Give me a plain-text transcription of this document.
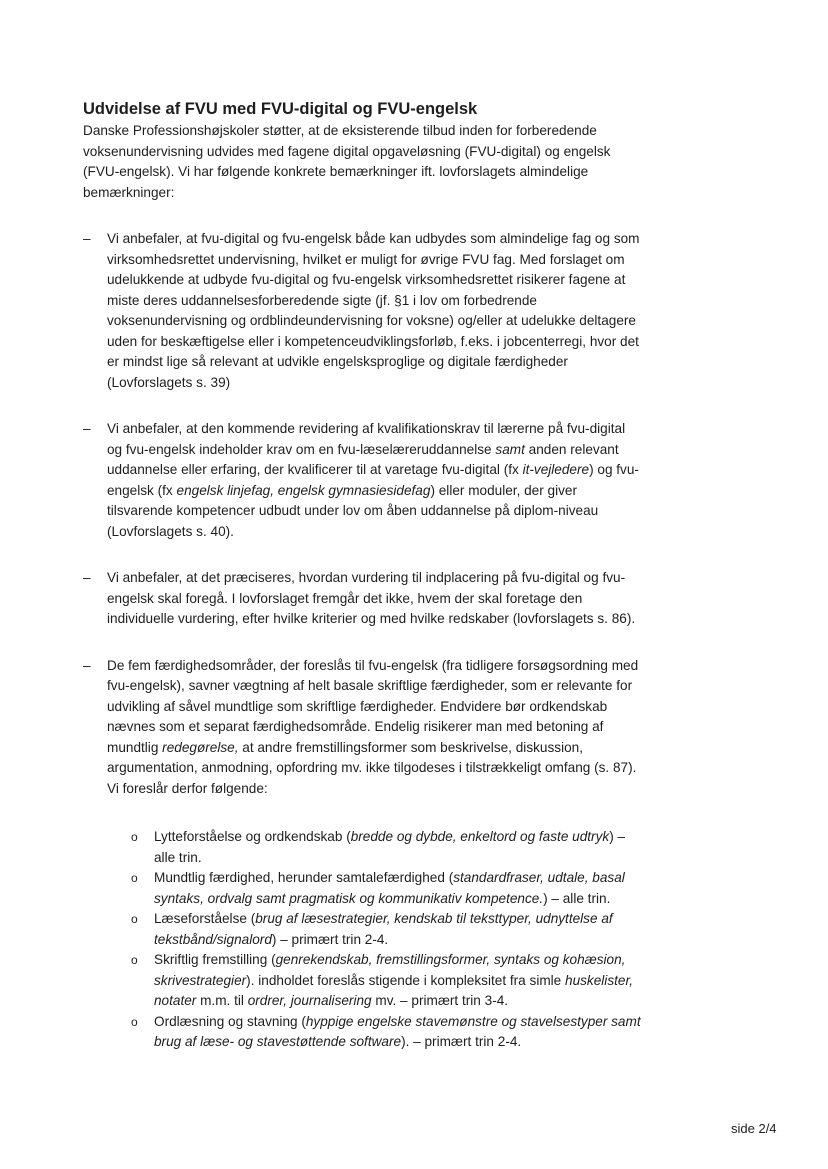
Udvidelse af FVU med FVU-digital og FVU-engelsk

Danske Professionshøjskoler støtter, at de eksisterende tilbud inden for forberedende voksenundervisning udvides med fagene digital opgaveløsning (FVU-digital) og engelsk (FVU-engelsk). Vi har følgende konkrete bemærkninger ift. lovforslagets almindelige bemærkninger:

– Vi anbefaler, at fvu-digital og fvu-engelsk både kan udbydes som almindelige fag og som virksomhedsrettet undervisning, hvilket er muligt for øvrige FVU fag. Med forslaget om udelukkende at udbyde fvu-digital og fvu-engelsk virksomhedsrettet risikerer fagene at miste deres uddannelsesforberedende sigte (jf. §1 i lov om forbedrende voksenundervisning og ordblindeundervisning for voksne) og/eller at udelukke deltagere uden for beskæftigelse eller i kompetenceudviklingsforløb, f.eks. i jobcenterregi, hvor det er mindst lige så relevant at udvikle engelsksproglige og digitale færdigheder (Lovforslagets s. 39)
– Vi anbefaler, at den kommende revidering af kvalifikationskrav til lærerne på fvu-digital og fvu-engelsk indeholder krav om en fvu-læselæreruddannelse samt anden relevant uddannelse eller erfaring, der kvalificerer til at varetage fvu-digital (fx it-vejledere) og fvu-engelsk (fx engelsk linjefag, engelsk gymnasiesidefag) eller moduler, der giver tilsvarende kompetencer udbudt under lov om åben uddannelse på diplom-niveau (Lovforslagets s. 40).
– Vi anbefaler, at det præciseres, hvordan vurdering til indplacering på fvu-digital og fvu-engelsk skal foregå. I lovforslaget fremgår det ikke, hvem der skal foretage den individuelle vurdering, efter hvilke kriterier og med hvilke redskaber (lovforslagets s. 86).
– De fem færdighedsområder, der foreslås til fvu-engelsk (fra tidligere forsøgsordning med fvu-engelsk), savner vægtning af helt basale skriftlige færdigheder, som er relevante for udvikling af såvel mundtlige som skriftlige færdigheder. Endvidere bør ordkendskab nævnes som et separat færdighedsområde. Endelig risikerer man med betoning af mundtlig redegørelse, at andre fremstillingsformer som beskrivelse, diskussion, argumentation, anmodning, opfordring mv. ikke tilgodeses i tilstrækkeligt omfang (s. 87). Vi foreslår derfor følgende:
o Lytteforståelse og ordkendskab (bredde og dybde, enkeltord og faste udtryk) – alle trin.
o Mundtlig færdighed, herunder samtalefærdighed (standardfraser, udtale, basal syntaks, ordvalg samt pragmatisk og kommunikativ kompetence.) – alle trin.
o Læseforståelse (brug af læsestrategier, kendskab til teksttyper, udnyttelse af tekstbånd/signalord) – primært trin 2-4.
o Skriftlig fremstilling (genrekendskab, fremstillingsformer, syntaks og kohæsion, skrivestrategier). indholdet foreslås stigende i kompleksitet fra simle huskelister, notater m.m. til ordrer, journalisering mv. – primært trin 3-4.
o Ordlæsning og stavning (hyppige engelske stavemønstre og stavelsestyper samt brug af læse- og stavestøttende software). – primært trin 2-4.
side 2/4
